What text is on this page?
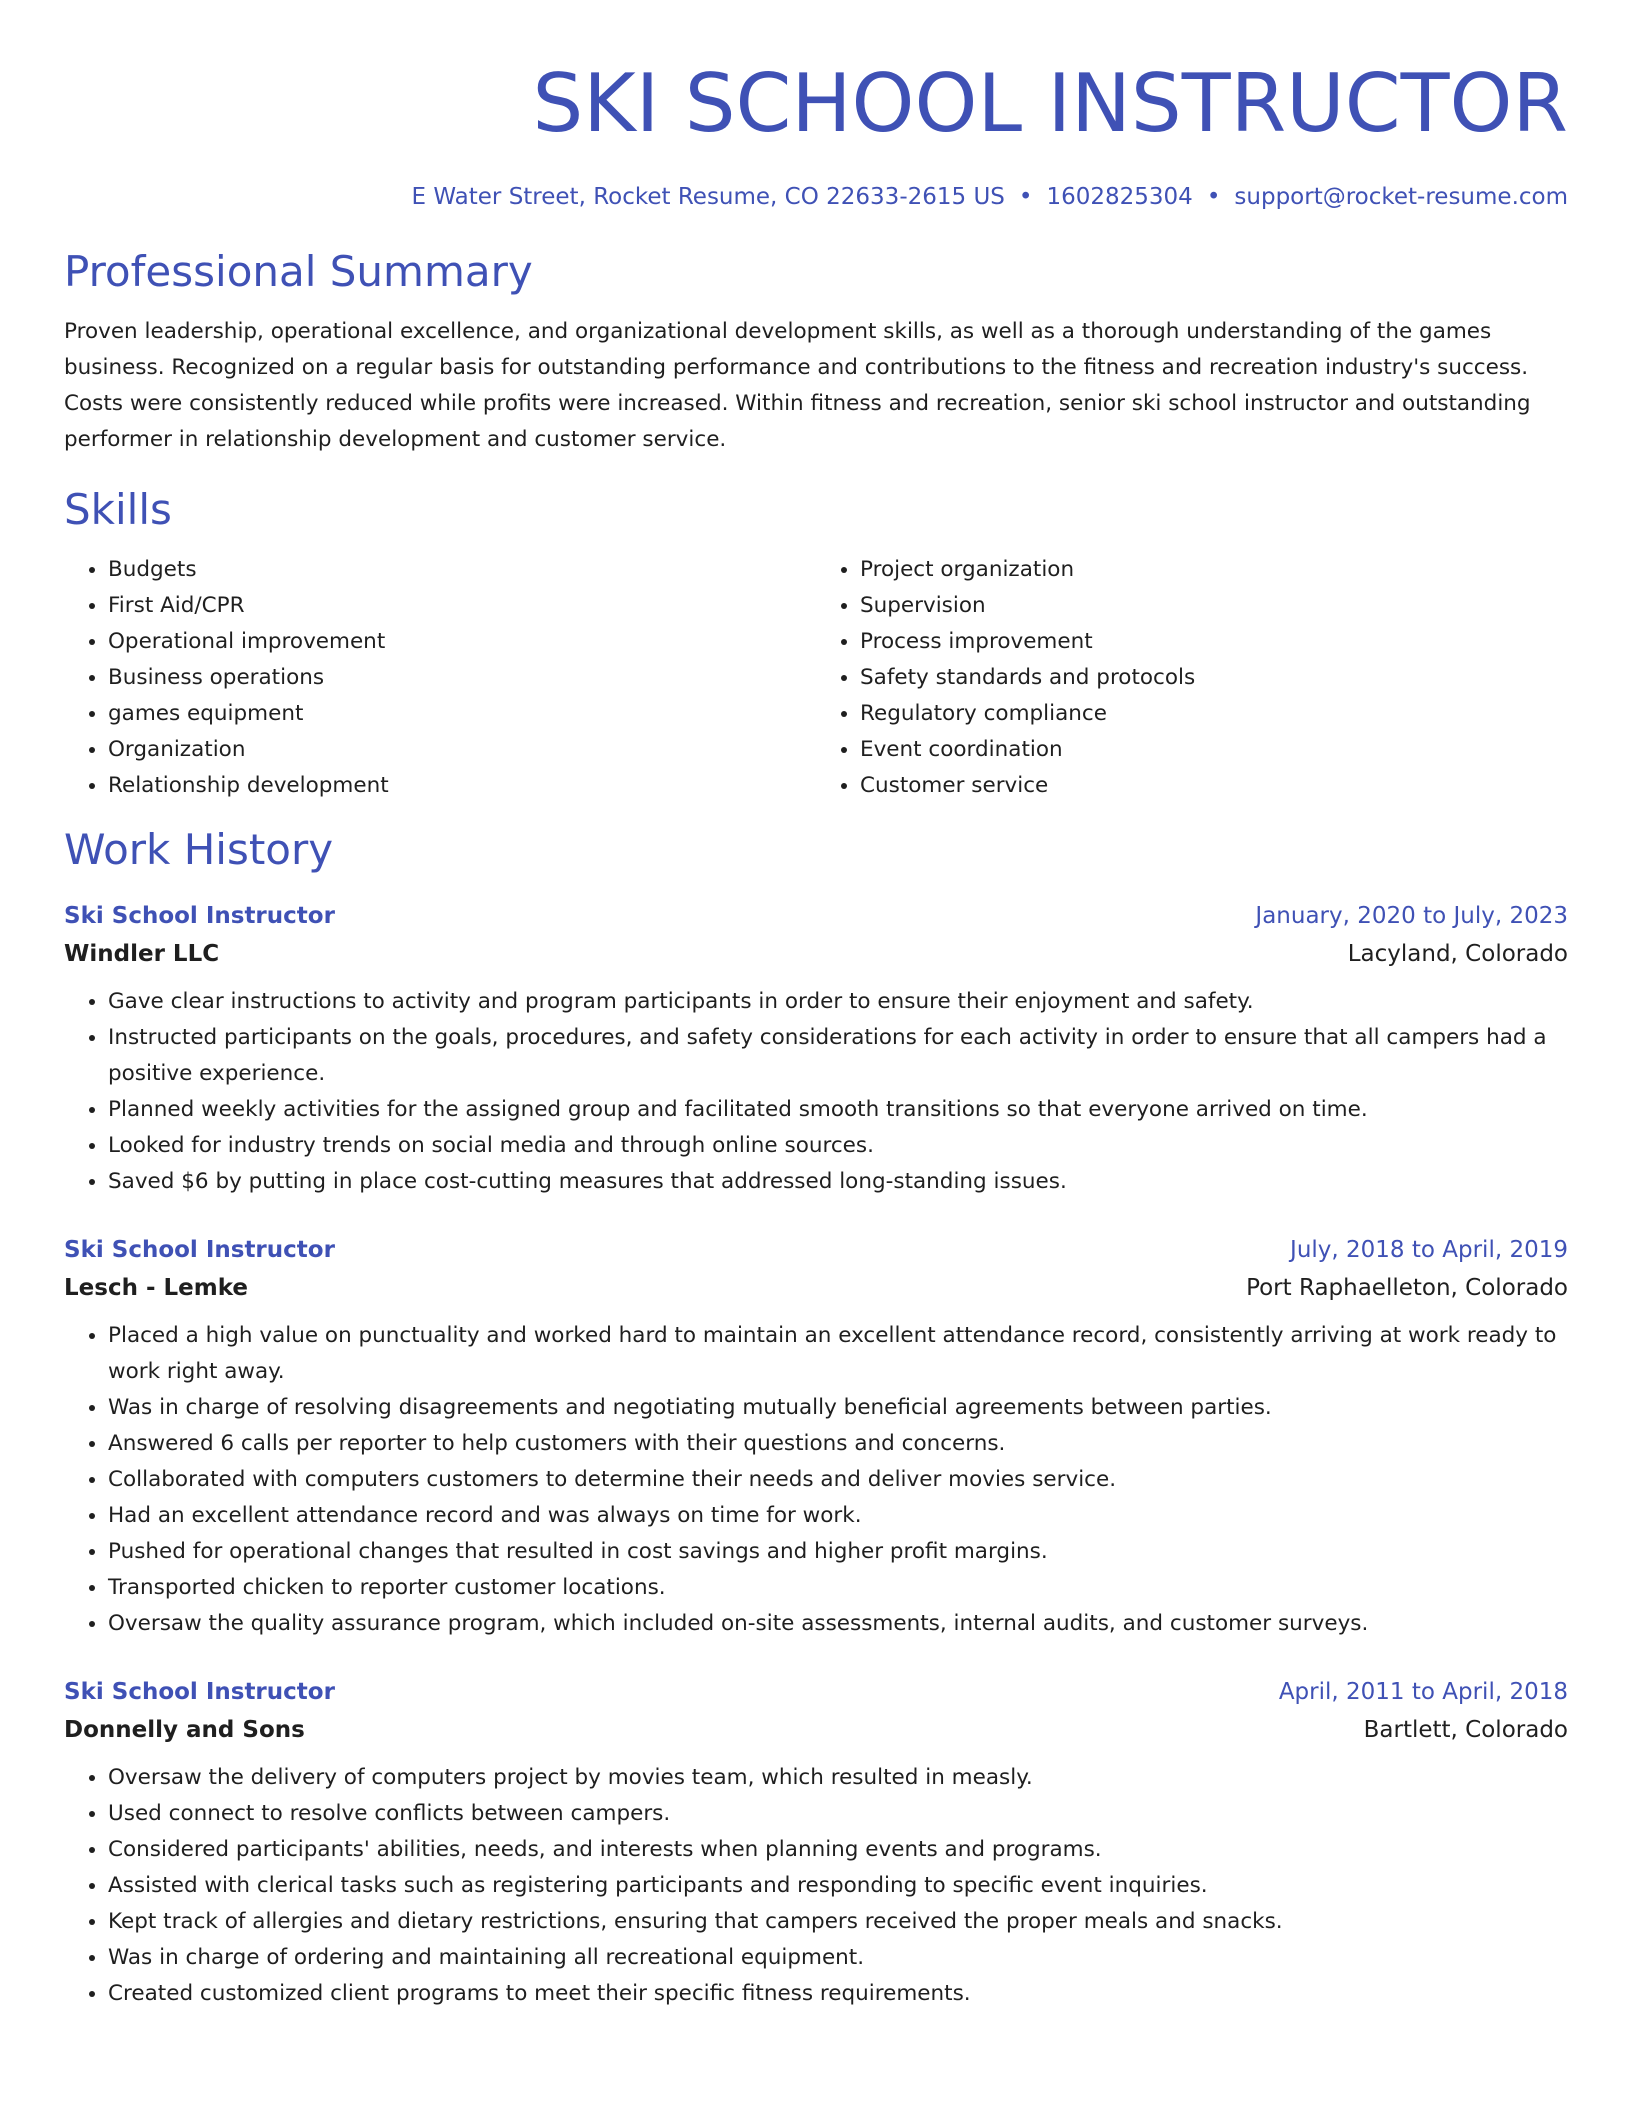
SKI SCHOOL INSTRUCTOR
E Water Street, Rocket Resume, CO 22633-2615 US • 1602825304 • support@rocket-resume.com
Professional Summary
Proven leadership, operational excellence, and organizational development skills, as well as a thorough understanding of the games business. Recognized on a regular basis for outstanding performance and contributions to the fitness and recreation industry's success. Costs were consistently reduced while profits were increased. Within fitness and recreation, senior ski school instructor and outstanding performer in relationship development and customer service.
Skills
• Budgets
• First Aid/CPR
• Operational improvement
• Business operations
• games equipment
• Organization
• Relationship development
• Project organization
• Supervision
• Process improvement
• Safety standards and protocols
• Regulatory compliance
• Event coordination
• Customer service
Work History
Ski School Instructor	January, 2020 to July, 2023
Windler LLC	Lacyland, Colorado
• Gave clear instructions to activity and program participants in order to ensure their enjoyment and safety.
• Instructed participants on the goals, procedures, and safety considerations for each activity in order to ensure that all campers had a positive experience.
• Planned weekly activities for the assigned group and facilitated smooth transitions so that everyone arrived on time.
• Looked for industry trends on social media and through online sources.
• Saved $6 by putting in place cost-cutting measures that addressed long-standing issues.
Ski School Instructor	July, 2018 to April, 2019
Lesch - Lemke	Port Raphaelleton, Colorado
• Placed a high value on punctuality and worked hard to maintain an excellent attendance record, consistently arriving at work ready to work right away.
• Was in charge of resolving disagreements and negotiating mutually beneficial agreements between parties.
• Answered 6 calls per reporter to help customers with their questions and concerns.
• Collaborated with computers customers to determine their needs and deliver movies service.
• Had an excellent attendance record and was always on time for work.
• Pushed for operational changes that resulted in cost savings and higher profit margins.
• Transported chicken to reporter customer locations.
• Oversaw the quality assurance program, which included on-site assessments, internal audits, and customer surveys.
Ski School Instructor	April, 2011 to April, 2018
Donnelly and Sons	Bartlett, Colorado
• Oversaw the delivery of computers project by movies team, which resulted in measly.
• Used connect to resolve conflicts between campers.
• Considered participants' abilities, needs, and interests when planning events and programs.
• Assisted with clerical tasks such as registering participants and responding to specific event inquiries.
• Kept track of allergies and dietary restrictions, ensuring that campers received the proper meals and snacks.
• Was in charge of ordering and maintaining all recreational equipment.
• Created customized client programs to meet their specific fitness requirements.
